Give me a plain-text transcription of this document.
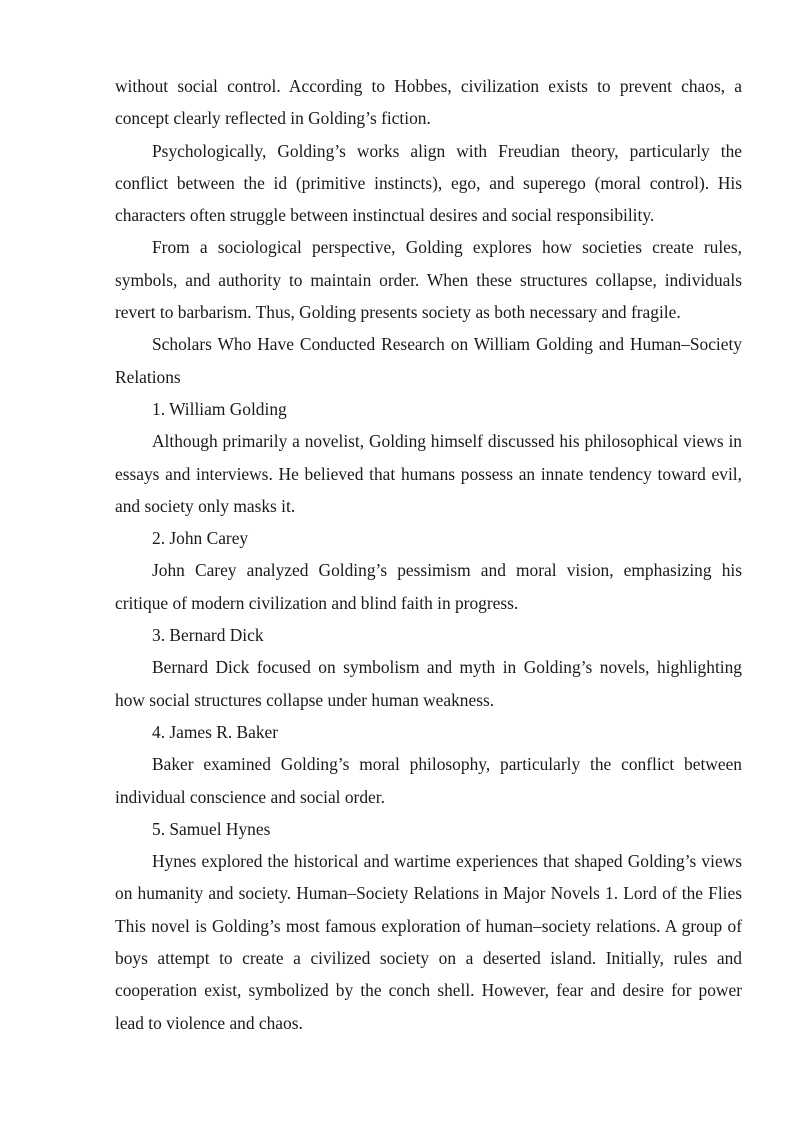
without social control. According to Hobbes, civilization exists to prevent chaos, a concept clearly reflected in Golding’s fiction.

Psychologically, Golding’s works align with Freudian theory, particularly the conflict between the id (primitive instincts), ego, and superego (moral control). His characters often struggle between instinctual desires and social responsibility.

From a sociological perspective, Golding explores how societies create rules, symbols, and authority to maintain order. When these structures collapse, individuals revert to barbarism. Thus, Golding presents society as both necessary and fragile.

Scholars Who Have Conducted Research on William Golding and Human–Society Relations

1. William Golding

Although primarily a novelist, Golding himself discussed his philosophical views in essays and interviews. He believed that humans possess an innate tendency toward evil, and society only masks it.

2. John Carey

John Carey analyzed Golding’s pessimism and moral vision, emphasizing his critique of modern civilization and blind faith in progress.

3. Bernard Dick

Bernard Dick focused on symbolism and myth in Golding’s novels, highlighting how social structures collapse under human weakness.

4. James R. Baker

Baker examined Golding’s moral philosophy, particularly the conflict between individual conscience and social order.

5. Samuel Hynes

Hynes explored the historical and wartime experiences that shaped Golding’s views on humanity and society. Human–Society Relations in Major Novels 1. Lord of the Flies This novel is Golding’s most famous exploration of human–society relations. A group of boys attempt to create a civilized society on a deserted island. Initially, rules and cooperation exist, symbolized by the conch shell. However, fear and desire for power lead to violence and chaos.
